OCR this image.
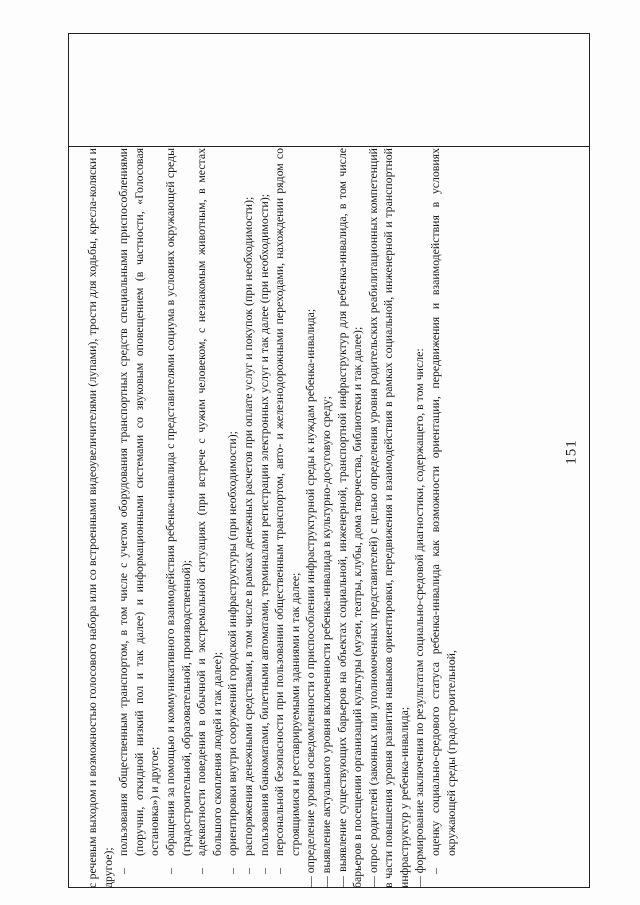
151

с речевым выходом и возможностью голосового набора или со встроенными видеоувеличителями (лупами), трости для ходьбы, кресла-коляски и другое); –пользования общественным транспортом, в том числе с учетом оборудования транспортных средств специальными приспособлениями (поручни, откидной низкий пол и так далее) и информационными системами со звуковым оповещением (в частности, «Голосовая остановка») и другое;

–обращения за помощью и коммуникативного взаимодействия ребенка-инвалида с представителями социума в условиях окружающей среды (градостроительной, образовательной, производственной);

–адекватности поведения в обычной и экстремальной ситуациях (при встрече с чужим человеком, с незнакомым животным, в местах большого скопления людей и так далее);

–ориентировки внутри сооружений городской инфраструктуры (при необходимости);

–распоряжения денежными средствами, в том числе в рамках денежных расчетов при оплате услуг и покупок (при необходимости);

–пользования банкоматами, билетными автоматами, терминалами регистрации электронных услуг и так далее (при необходимости);

–персональной безопасности при пользовании общественным транспортом, авто- и железнодорожными переходами, нахождении рядом со строящимися и реставрируемыми зданиями и так далее; — определение уровня осведомленности о приспособлении инфраструктурной среды к нуждам ребенка-инвалида; — выявление актуального уровня включенности ребенка-инвалида в культурно-досуговую среду; — выявление существующих барьеров на объектах социальной, инженерной, транспортной инфраструктур для ребенка-инвалида, в том числе барьеров в посещении организаций культуры (музеи, театры, клубы, дома творчества, библиотеки и так далее); — опрос родителей (законных или уполномоченных представителей) с целью определения уровня родительских реабилитационных компетенций в части повышения уровня развития навыков ориентировки, передвижения и взаимодействия в рамках социальной, инженерной и транспортной инфраструктур у ребенка-инвалида; — формирование заключения по результатам социально-средовой диагностики, содержащего, в том числе: –оценку социально-средового статуса ребенка-инвалида как возможности ориентации, передвижения и взаимодействия в условиях окружающей среды (градостроительной,
